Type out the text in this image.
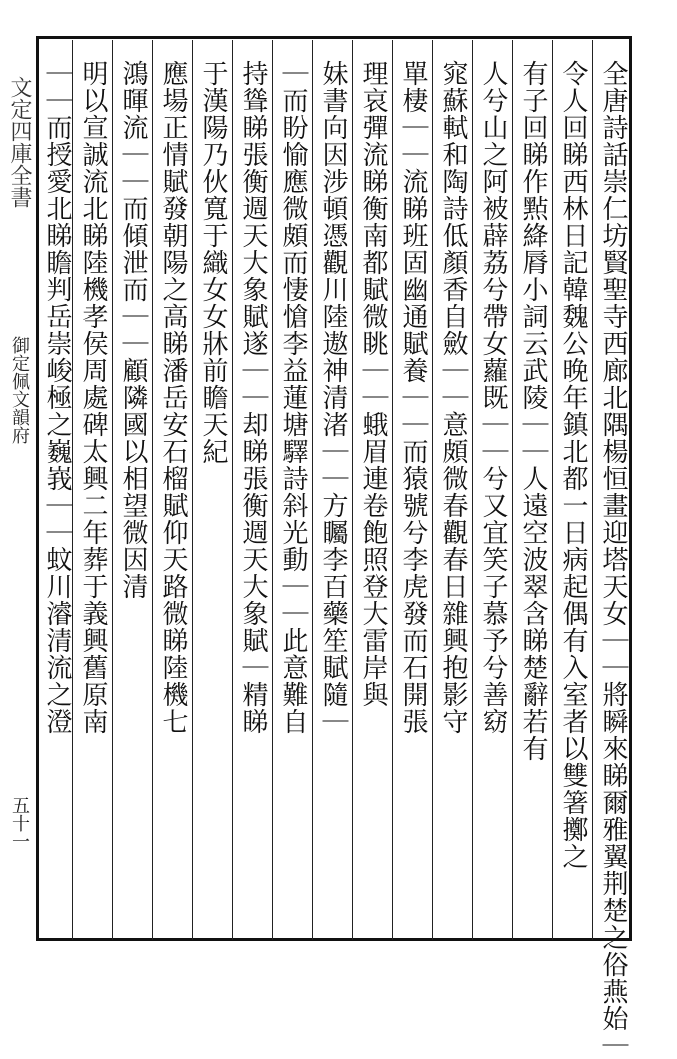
文定四庫全書
御定佩文韻府
五十一	全唐詩話崇仁坊賢聖寺西廊北隅楊恒畫迎塔天女｜｜將瞬來睇爾雅翼荆楚之俗燕始｜
令人回睇西林日記韓魏公晚年鎮北都一日病起偶有入室者以雙箸擲之
有子回睇作㸃絳脣小詞云武陵｜｜人遠空波翠含睇楚辭若有
人兮山之阿被薜荔兮帶女蘿既｜｜兮又宜笑子慕予兮善窈
窕蘇軾和陶詩低顏香自斂｜｜意頗微春觀春日雜興抱影守
單棲｜｜流睇班固幽通賦養｜｜而猿號兮李虎發而石開張
理哀彈流睇衡南都賦微眺｜｜蛾眉連卷飽照登大雷岸與
妹書向因涉頓憑觀川陸遨神清渚｜｜方矚李百藥笙賦隨｜
｜而盼愉應微頗而悽愴李益蓮塘驛詩斜光動｜｜此意難自
持聳睇張衡週天大象賦遂｜｜却睇張衡週天大象賦｜精睇
于漢陽乃伙寬于織女女牀前瞻天紀
應場正情賦發朝陽之高睇潘岳安石榴賦仰天路微睇陸機七
鴻暉流｜｜而傾泄而｜｜顧隣國以相望微因清
明以宣誠流北睇陸機孝侯周處碑太興二年葬于義興舊原南
｜｜而授愛北睇瞻判岳崇峻極之巍峩｜｜蚊川濬清流之澄
